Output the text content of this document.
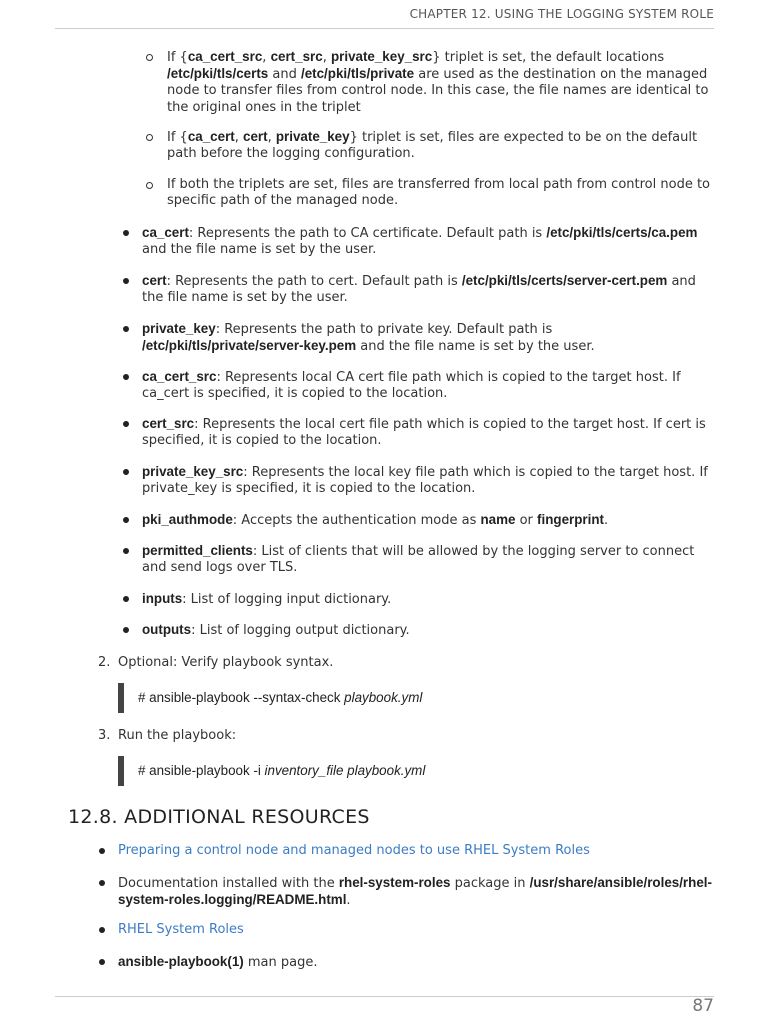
CHAPTER 12. USING THE LOGGING SYSTEM ROLE
If {ca_cert_src, cert_src, private_key_src} triplet is set, the default locations /etc/pki/tls/certs and /etc/pki/tls/private are used as the destination on the managed node to transfer files from control node. In this case, the file names are identical to the original ones in the triplet
If {ca_cert, cert, private_key} triplet is set, files are expected to be on the default path before the logging configuration.
If both the triplets are set, files are transferred from local path from control node to specific path of the managed node.
ca_cert: Represents the path to CA certificate. Default path is /etc/pki/tls/certs/ca.pem and the file name is set by the user.
cert: Represents the path to cert. Default path is /etc/pki/tls/certs/server-cert.pem and the file name is set by the user.
private_key: Represents the path to private key. Default path is /etc/pki/tls/private/server-key.pem and the file name is set by the user.
ca_cert_src: Represents local CA cert file path which is copied to the target host. If ca_cert is specified, it is copied to the location.
cert_src: Represents the local cert file path which is copied to the target host. If cert is specified, it is copied to the location.
private_key_src: Represents the local key file path which is copied to the target host. If private_key is specified, it is copied to the location.
pki_authmode: Accepts the authentication mode as name or fingerprint.
permitted_clients: List of clients that will be allowed by the logging server to connect and send logs over TLS.
inputs: List of logging input dictionary.
outputs: List of logging output dictionary.
2. Optional: Verify playbook syntax.
# ansible-playbook --syntax-check playbook.yml
3. Run the playbook:
# ansible-playbook -i inventory_file playbook.yml
12.8. ADDITIONAL RESOURCES
Preparing a control node and managed nodes to use RHEL System Roles
Documentation installed with the rhel-system-roles package in /usr/share/ansible/roles/rhel-system-roles.logging/README.html.
RHEL System Roles
ansible-playbook(1) man page.
87
